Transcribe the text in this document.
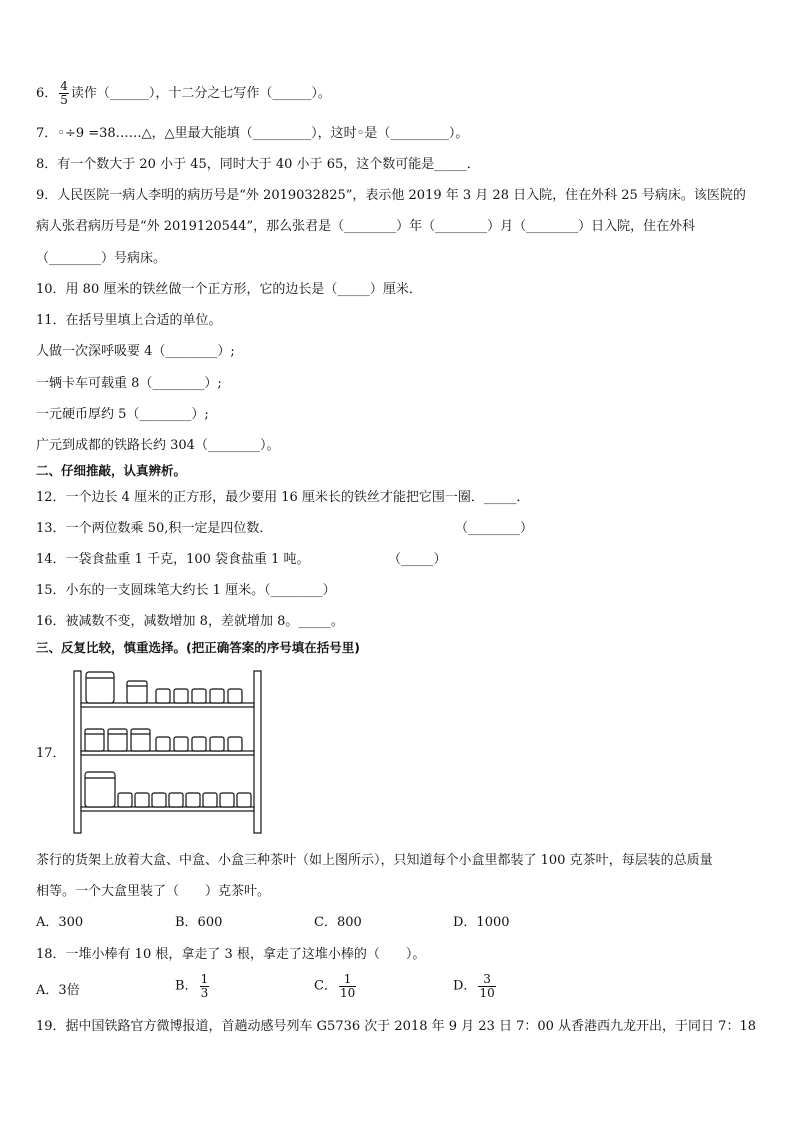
6． $\frac{4}{5}$ 读作（______），十二分之七写作（______）。
7．◦÷9 =38……△，△里最大能填（_________），这时◦是（_________）。
8．有一个数大于 20 小于 45，同时大于 40 小于 65，这个数可能是_____．
9．人民医院一病人李明的病历号是“外 2019032825”，表示他 2019 年 3 月 28 日入院，住在外科 25 号病床。该医院的
病人张君病历号是“外 2019120544”，那么张君是（________）年（________）月（________）日入院，住在外科
（________）号病床。
10．用 80 厘米的铁丝做一个正方形，它的边长是（_____）厘米．
11．在括号里填上合适的单位。
人做一次深呼吸要 4（________）;
一辆卡车可载重 8（________）;
一元硬币厚约 5（________）;
广元到成都的铁路长约 304（________）。
二、仔细推敲，认真辨析。
12．一个边长 4 厘米的正方形，最少要用 16 厘米长的铁丝才能把它围一圈．_____．
13．一个两位数乘 50,积一定是四位数．	（________）
14．一袋食盐重 1 千克，100 袋食盐重 1 吨。	（_____）
15．小东的一支圆珠笔大约长 1 厘米。（________）
16．被减数不变，减数增加 8，差就增加 8。_____。
三、反复比较，慎重选择。(把正确答案的序号填在括号里)
17．
茶行的货架上放着大盒、中盒、小盒三种茶叶（如上图所示），只知道每个小盒里都装了 100 克茶叶，每层装的总质量
相等。一个大盒里装了（　　）克茶叶。
A．300	B．600	C．800	D．1000
18．一堆小棒有 10 根，拿走了 3 根，拿走了这堆小棒的（　　）。
A．3倍	B． $\frac{1}{3}$	C． $\frac{1}{10}$	D． $\frac{3}{10}$
19．据中国铁路官方微博报道，首趟动感号列车 G5736 次于 2018 年 9 月 23 日 7：00 从香港西九龙开出，于同日 7：18
